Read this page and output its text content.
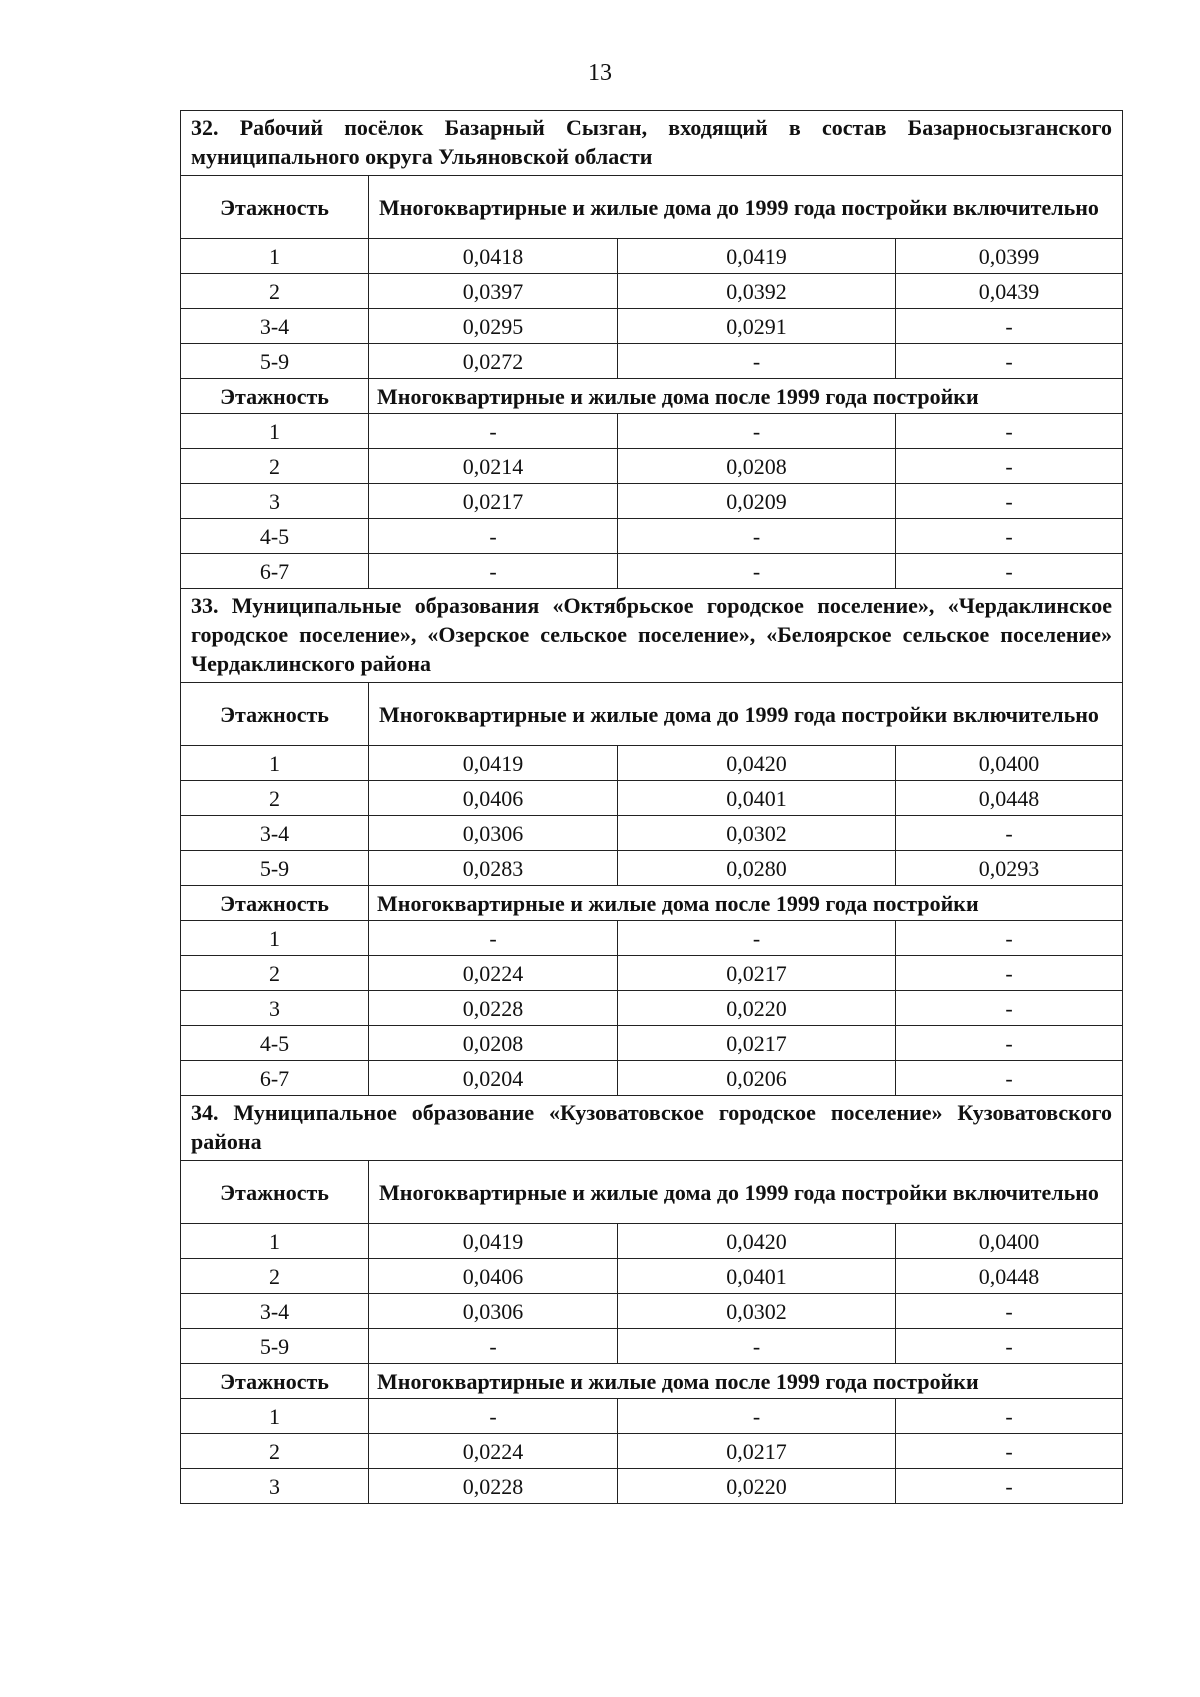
13
32. Рабочий посёлок Базарный Сызган, входящий в состав Базарносызганского муниципального округа Ульяновской области			
Этажность	Многоквартирные и жилые дома до 1999 года постройки включительно		
1	0,0418	0,0419	0,0399
2	0,0397	0,0392	0,0439
3-4	0,0295	0,0291	-
5-9	0,0272	-	-
Этажность	Многоквартирные и жилые дома после 1999 года постройки		
1	-	-	-
2	0,0214	0,0208	-
3	0,0217	0,0209	-
4-5	-	-	-
6-7	-	-	-
33. Муниципальные образования «Октябрьское городское поселение», «Чердаклинское городское поселение», «Озерское сельское поселение», «Белоярское сельское поселение» Чердаклинского района			
Этажность	Многоквартирные и жилые дома до 1999 года постройки включительно		
1	0,0419	0,0420	0,0400
2	0,0406	0,0401	0,0448
3-4	0,0306	0,0302	-
5-9	0,0283	0,0280	0,0293
Этажность	Многоквартирные и жилые дома после 1999 года постройки		
1	-	-	-
2	0,0224	0,0217	-
3	0,0228	0,0220	-
4-5	0,0208	0,0217	-
6-7	0,0204	0,0206	-
34. Муниципальное образование «Кузоватовское городское поселение» Кузоватовского района			
Этажность	Многоквартирные и жилые дома до 1999 года постройки включительно		
1	0,0419	0,0420	0,0400
2	0,0406	0,0401	0,0448
3-4	0,0306	0,0302	-
5-9	-	-	-
Этажность	Многоквартирные и жилые дома после 1999 года постройки		
1	-	-	-
2	0,0224	0,0217	-
3	0,0228	0,0220	-
